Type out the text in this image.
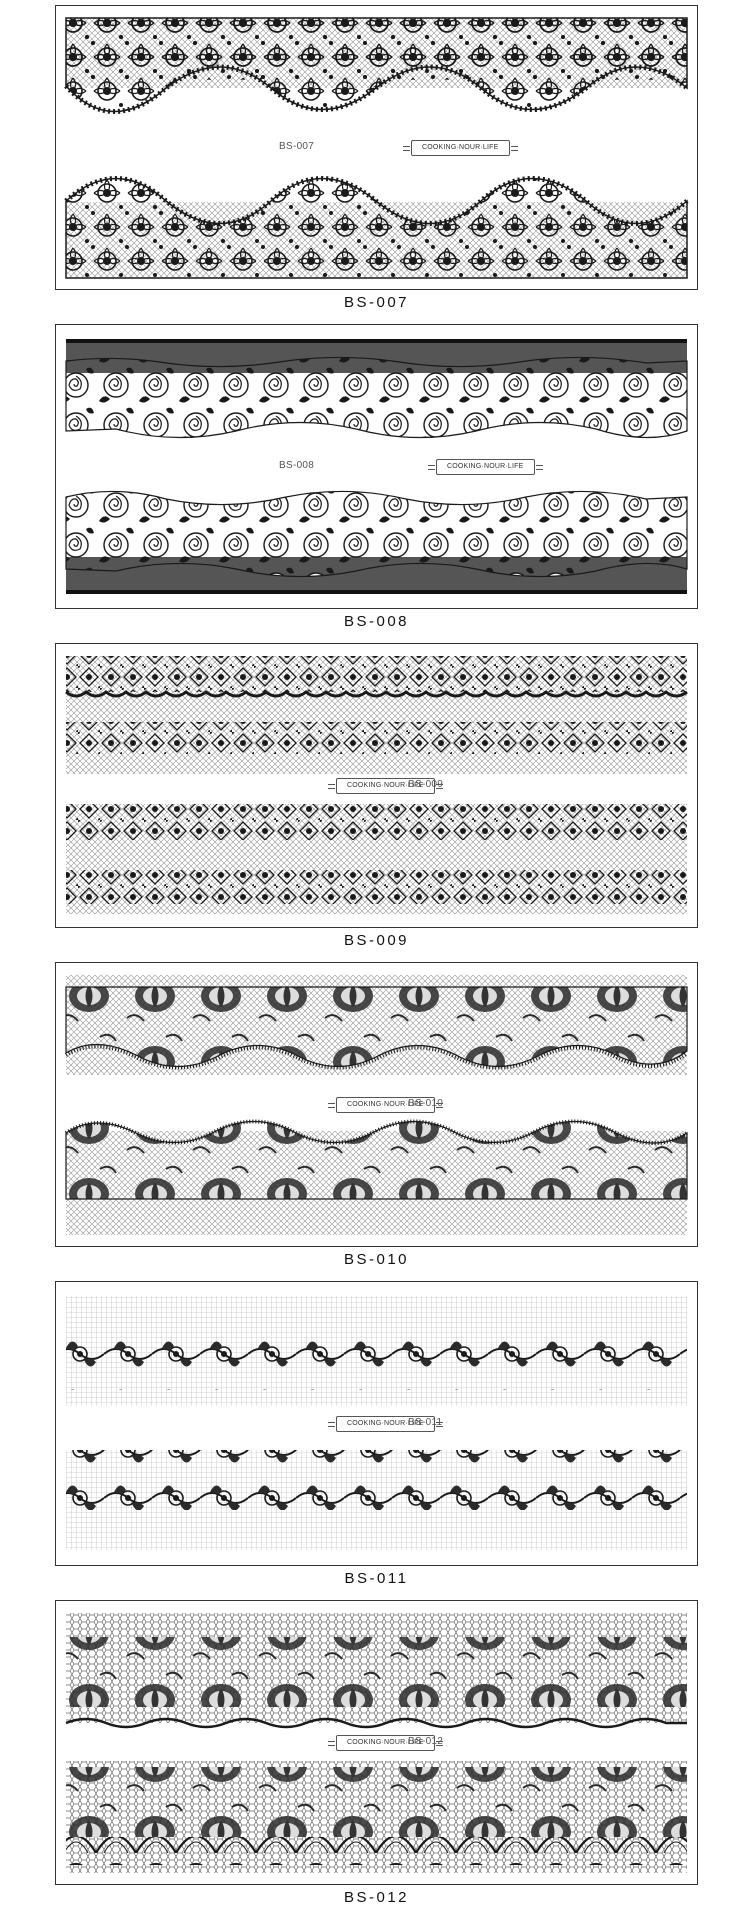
BS-007	COOKING·NOUR·LIFE
BS-007
BS-008	COOKING·NOUR·LIFE
BS-008
COOKING·NOUR·LIFE
BS-009
BS-009
COOKING·NOUR·LIFE
BS-010
BS-010
COOKING·NOUR·LIFE
BS-011
BS-011
COOKING·NOUR·LIFE
BS-012
BS-012
